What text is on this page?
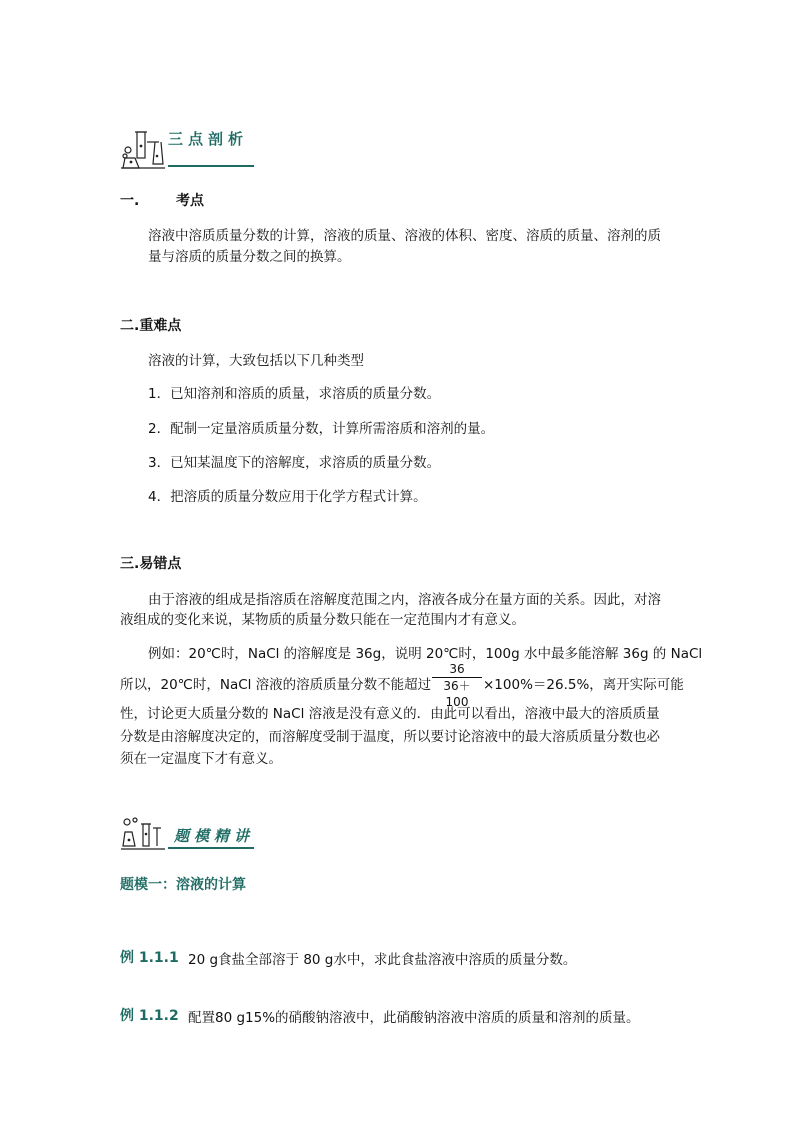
三点剖析
一.	考点
溶液中溶质质量分数的计算，溶液的质量、溶液的体积、密度、溶质的质量、溶剂的质
量与溶质的质量分数之间的换算。
二.重难点
溶液的计算，大致包括以下几种类型
1．已知溶剂和溶质的质量，求溶质的质量分数。
2．配制一定量溶质质量分数，计算所需溶质和溶剂的量。
3．已知某温度下的溶解度，求溶质的质量分数。
4．把溶质的质量分数应用于化学方程式计算。
三.易错点
由于溶液的组成是指溶质在溶解度范围之内，溶液各成分在量方面的关系。因此，对溶
液组成的变化来说，某物质的质量分数只能在一定范围内才有意义。
例如：20℃时，NaCl 的溶解度是 36g，说明 20℃时，100g 水中最多能溶解 36g 的 NaCl
所以，20℃时，NaCl 溶液的溶质质量分数不能超过 $\frac{36}{36+100} \times 100\%=26.5\%$，离开实际可能
性，讨论更大质量分数的 NaCl 溶液是没有意义的．由此可以看出，溶液中最大的溶质质量
分数是由溶解度决定的，而溶解度受制于温度，所以要讨论溶液中的最大溶质质量分数也必
须在一定温度下才有意义。
题模精讲
题模一：溶液的计算
例 1.1.1 20 g食盐全部溶于 80 g水中，求此食盐溶液中溶质的质量分数。
例 1.1.2 配置80 g15%的硝酸钠溶液中，此硝酸钠溶液中溶质的质量和溶剂的质量。
